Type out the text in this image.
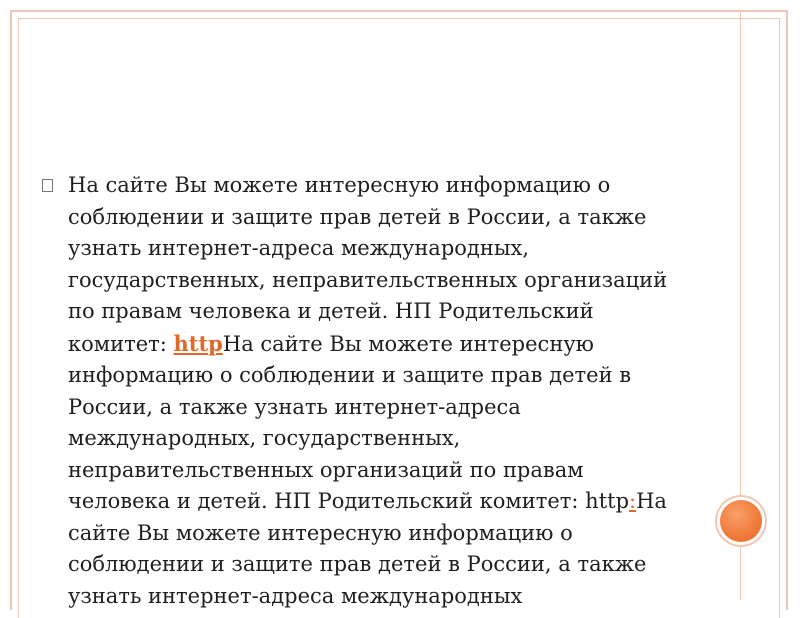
На сайте Вы можете интересную информацию о соблюдении и защите прав детей в России, а также узнать интернет-адреса международных, государственных, неправительственных организаций по правам человека и детей. НП Родительский комитет: httpНа сайте Вы можете интересную информацию о соблюдении и защите прав детей в России, а также узнать интернет-адреса международных, государственных, неправительственных организаций по правам человека и детей. НП Родительский комитет: http:На сайте Вы можете интересную информацию о соблюдении и защите прав детей в России, а также узнать интернет-адреса международных
